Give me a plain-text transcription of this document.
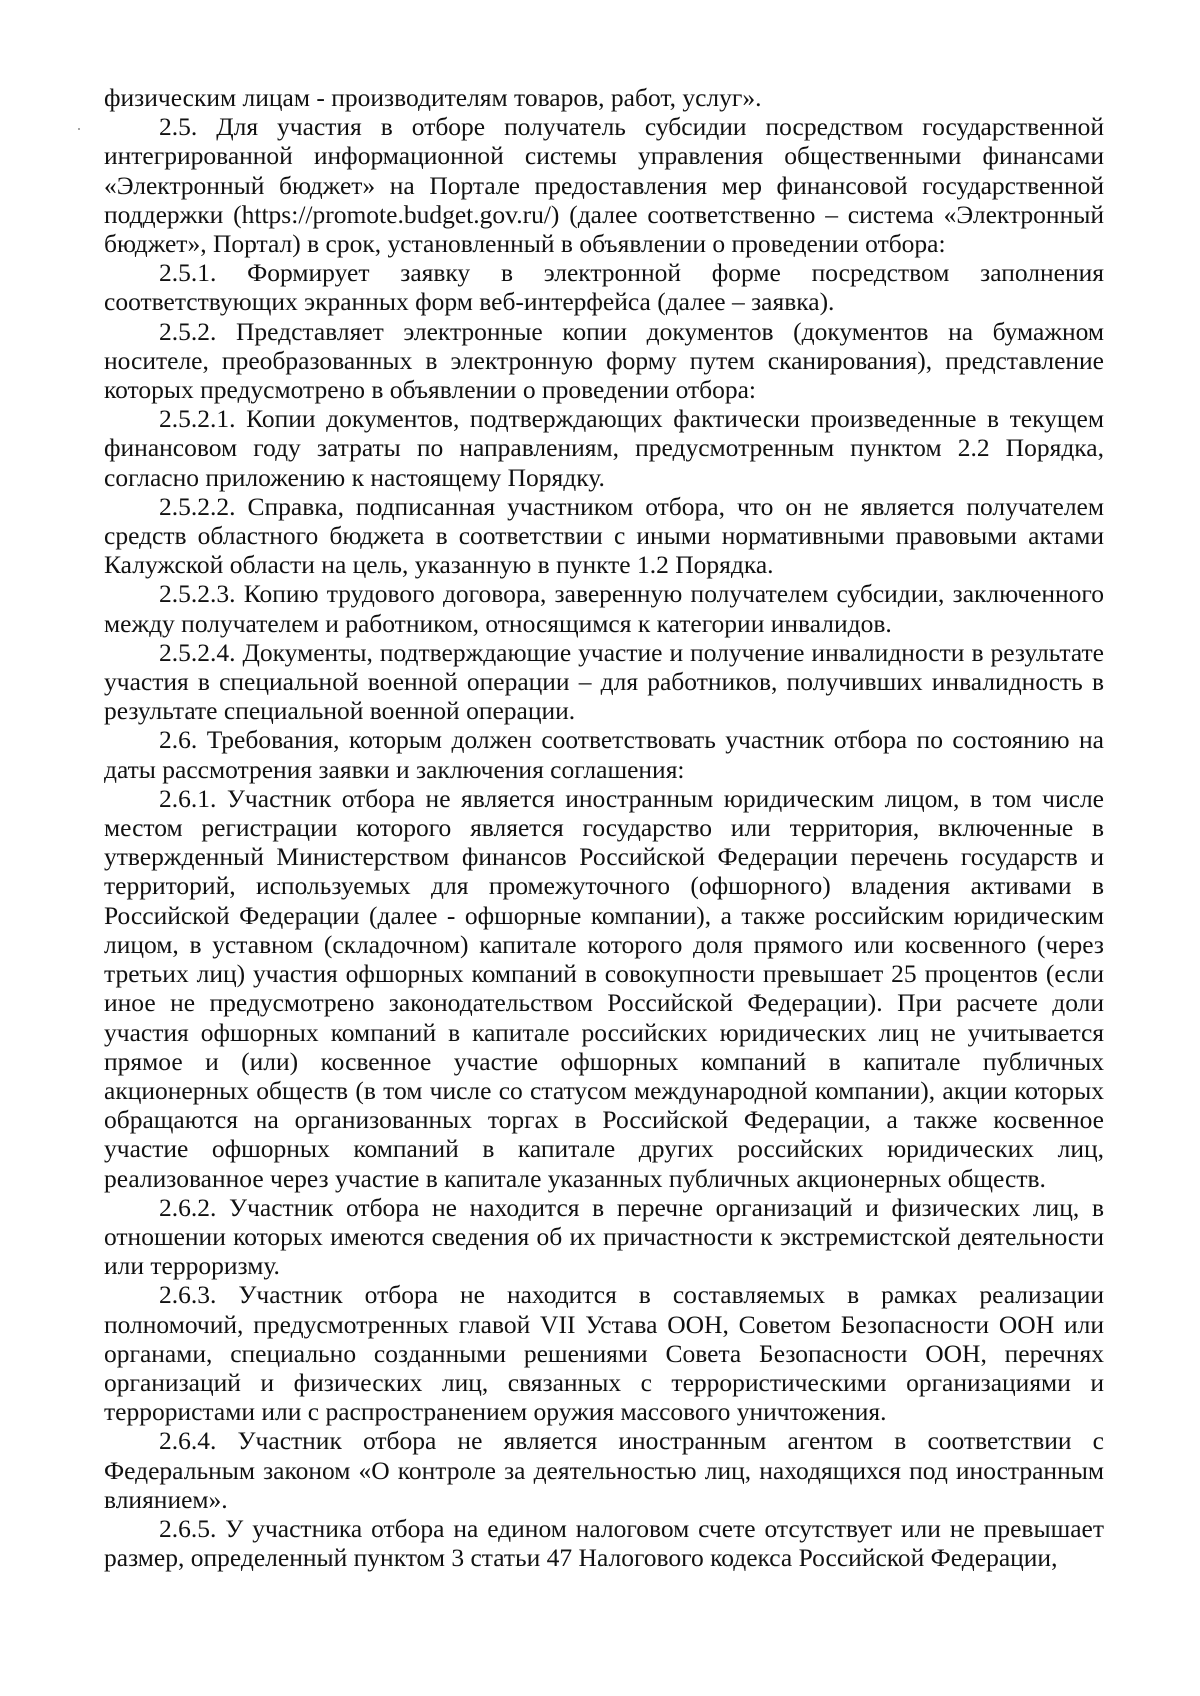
физическим лицам - производителям товаров, работ, услуг».

2.5. Для участия в отборе получатель субсидии посредством государственной интегрированной информационной системы управления общественными финансами «Электронный бюджет» на Портале предоставления мер финансовой государственной поддержки (https://promote.budget.gov.ru/) (далее соответственно – система «Электронный бюджет», Портал) в срок, установленный в объявлении о проведении отбора:

2.5.1. Формирует заявку в электронной форме посредством заполнения соответствующих экранных форм веб-интерфейса (далее – заявка).

2.5.2. Представляет электронные копии документов (документов на бумажном носителе, преобразованных в электронную форму путем сканирования), представление которых предусмотрено в объявлении о проведении отбора:

2.5.2.1. Копии документов, подтверждающих фактически произведенные в текущем финансовом году затраты по направлениям, предусмотренным пунктом 2.2 Порядка, согласно приложению к настоящему Порядку.

2.5.2.2. Справка, подписанная участником отбора, что он не является получателем средств областного бюджета в соответствии с иными нормативными правовыми актами Калужской области на цель, указанную в пункте 1.2 Порядка.

2.5.2.3. Копию трудового договора, заверенную получателем субсидии, заключенного между получателем и работником, относящимся к категории инвалидов.

2.5.2.4. Документы, подтверждающие участие и получение инвалидности в результате участия в специальной военной операции – для работников, получивших инвалидность в результате специальной военной операции.

2.6. Требования, которым должен соответствовать участник отбора по состоянию на даты рассмотрения заявки и заключения соглашения:

2.6.1. Участник отбора не является иностранным юридическим лицом, в том числе местом регистрации которого является государство или территория, включенные в утвержденный Министерством финансов Российской Федерации перечень государств и территорий, используемых для промежуточного (офшорного) владения активами в Российской Федерации (далее - офшорные компании), а также российским юридическим лицом, в уставном (складочном) капитале которого доля прямого или косвенного (через третьих лиц) участия офшорных компаний в совокупности превышает 25 процентов (если иное не предусмотрено законодательством Российской Федерации). При расчете доли участия офшорных компаний в капитале российских юридических лиц не учитывается прямое и (или) косвенное участие офшорных компаний в капитале публичных акционерных обществ (в том числе со статусом международной компании), акции которых обращаются на организованных торгах в Российской Федерации, а также косвенное участие офшорных компаний в капитале других российских юридических лиц, реализованное через участие в капитале указанных публичных акционерных обществ.

2.6.2. Участник отбора не находится в перечне организаций и физических лиц, в отношении которых имеются сведения об их причастности к экстремистской деятельности или терроризму.

2.6.3. Участник отбора не находится в составляемых в рамках реализации полномочий, предусмотренных главой VII Устава ООН, Советом Безопасности ООН или органами, специально созданными решениями Совета Безопасности ООН, перечнях организаций и физических лиц, связанных с террористическими организациями и террористами или с распространением оружия массового уничтожения.

2.6.4. Участник отбора не является иностранным агентом в соответствии с Федеральным законом «О контроле за деятельностью лиц, находящихся под иностранным влиянием».

2.6.5. У участника отбора на едином налоговом счете отсутствует или не превышает размер, определенный пунктом 3 статьи 47 Налогового кодекса Российской Федерации,
